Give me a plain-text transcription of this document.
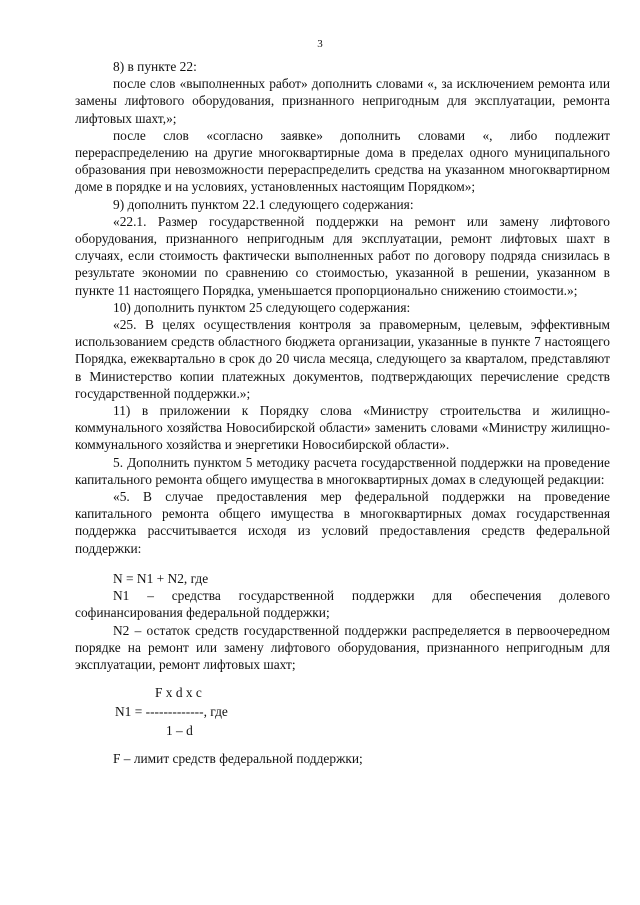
3

8) в пункте 22:

после слов «выполненных работ» дополнить словами «, за исключением ремонта или замены лифтового оборудования, признанного непригодным для эксплуатации, ремонта лифтовых шахт,»;

после слов «согласно заявке» дополнить словами «, либо подлежит перераспределению на другие многоквартирные дома в пределах одного муниципального образования при невозможности перераспределить средства на указанном многоквартирном доме в порядке и на условиях, установленных настоящим Порядком»;

9) дополнить пунктом 22.1 следующего содержания:

«22.1. Размер государственной поддержки на ремонт или замену лифтового оборудования, признанного непригодным для эксплуатации, ремонт лифтовых шахт в случаях, если стоимость фактически выполненных работ по договору подряда снизилась в результате экономии по сравнению со стоимостью, указанной в решении, указанном в пункте 11 настоящего Порядка, уменьшается пропорционально снижению стоимости.»;

10) дополнить пунктом 25 следующего содержания:

«25. В целях осуществления контроля за правомерным, целевым, эффективным использованием средств областного бюджета организации, указанные в пункте 7 настоящего Порядка, ежеквартально в срок до 20 числа месяца, следующего за кварталом, представляют в Министерство копии платежных документов, подтверждающих перечисление средств государственной поддержки.»;

11) в приложении к Порядку слова «Министру строительства и жилищно-коммунального хозяйства Новосибирской области» заменить словами «Министру жилищно-коммунального хозяйства и энергетики Новосибирской области».

5. Дополнить пунктом 5 методику расчета государственной поддержки на проведение капитального ремонта общего имущества в многоквартирных домах в следующей редакции:

«5. В случае предоставления мер федеральной поддержки на проведение капитального ремонта общего имущества в многоквартирных домах государственная поддержка рассчитывается исходя из условий предоставления средств федеральной поддержки:

N = N1 + N2, где

N1 – средства государственной поддержки для обеспечения долевого софинансирования федеральной поддержки;

N2 – остаток средств государственной поддержки распределяется в первоочередном порядке на ремонт или замену лифтового оборудования, признанного непригодным для эксплуатации, ремонт лифтовых шахт;

F x d x c
N1 = -------------, где
1 – d

F – лимит средств федеральной поддержки;
